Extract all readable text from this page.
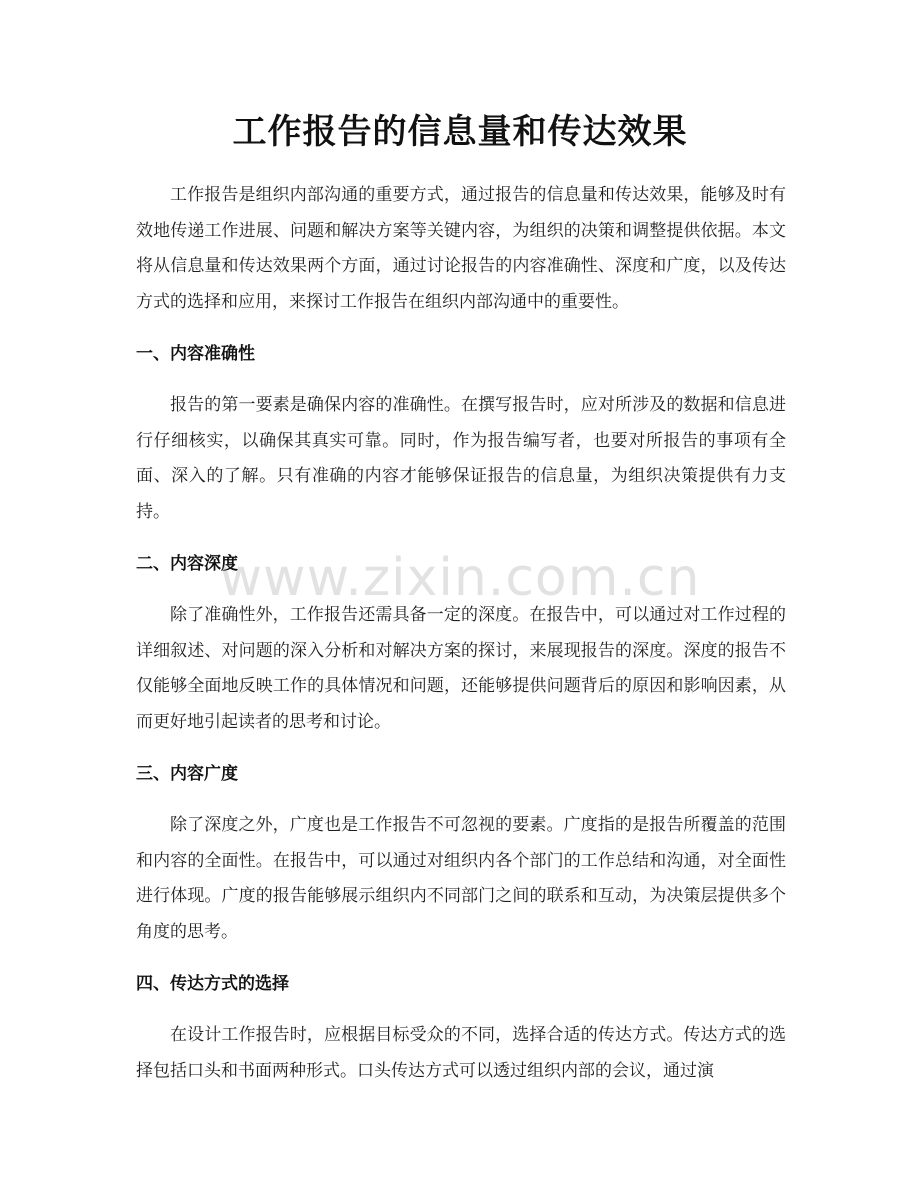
工作报告的信息量和传达效果

工作报告是组织内部沟通的重要方式，通过报告的信息量和传达效果，能够及时有效地传递工作进展、问题和解决方案等关键内容，为组织的决策和调整提供依据。本文将从信息量和传达效果两个方面，通过讨论报告的内容准确性、深度和广度，以及传达方式的选择和应用，来探讨工作报告在组织内部沟通中的重要性。

一、内容准确性

报告的第一要素是确保内容的准确性。在撰写报告时，应对所涉及的数据和信息进行仔细核实，以确保其真实可靠。同时，作为报告编写者，也要对所报告的事项有全面、深入的了解。只有准确的内容才能够保证报告的信息量，为组织决策提供有力支持。

二、内容深度

除了准确性外，工作报告还需具备一定的深度。在报告中，可以通过对工作过程的详细叙述、对问题的深入分析和对解决方案的探讨，来展现报告的深度。深度的报告不仅能够全面地反映工作的具体情况和问题，还能够提供问题背后的原因和影响因素，从而更好地引起读者的思考和讨论。

三、内容广度

除了深度之外，广度也是工作报告不可忽视的要素。广度指的是报告所覆盖的范围和内容的全面性。在报告中，可以通过对组织内各个部门的工作总结和沟通，对全面性进行体现。广度的报告能够展示组织内不同部门之间的联系和互动，为决策层提供多个角度的思考。

四、传达方式的选择

在设计工作报告时，应根据目标受众的不同，选择合适的传达方式。传达方式的选择包括口头和书面两种形式。口头传达方式可以透过组织内部的会议，通过演

www.zixin.com.cn
